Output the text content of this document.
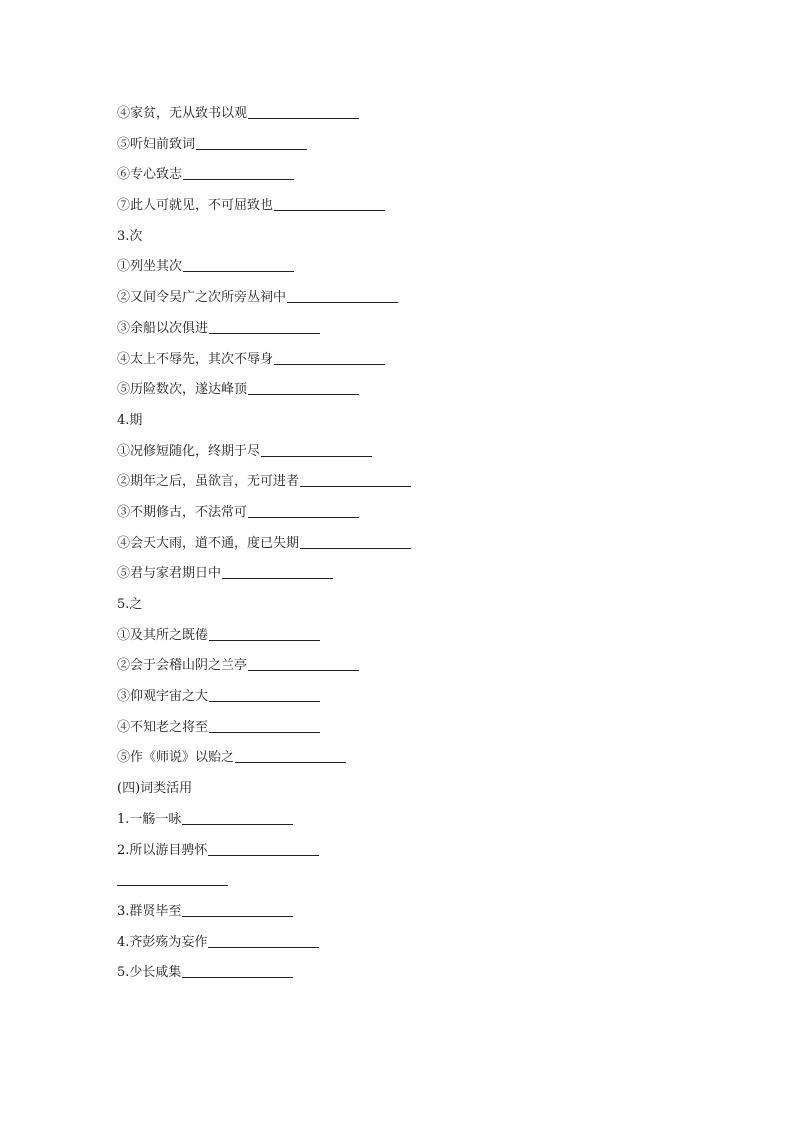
④家贫，无从致书以观
⑤听妇前致词
⑥专心致志
⑦此人可就见，不可屈致也
3.次
①列坐其次
②又间令吴广之次所旁丛祠中
③余船以次俱进
④太上不辱先，其次不辱身
⑤历险数次，遂达峰顶
4.期
①况修短随化，终期于尽
②期年之后，虽欲言，无可进者
③不期修古，不法常可
④会天大雨，道不通，度已失期
⑤君与家君期日中
5.之
①及其所之既倦
②会于会稽山阴之兰亭
③仰观宇宙之大
④不知老之将至
⑤作《师说》以贻之
(四)词类活用
1.一觞一咏
2.所以游目骋怀
3.群贤毕至
4.齐彭殇为妄作
5.少长咸集
